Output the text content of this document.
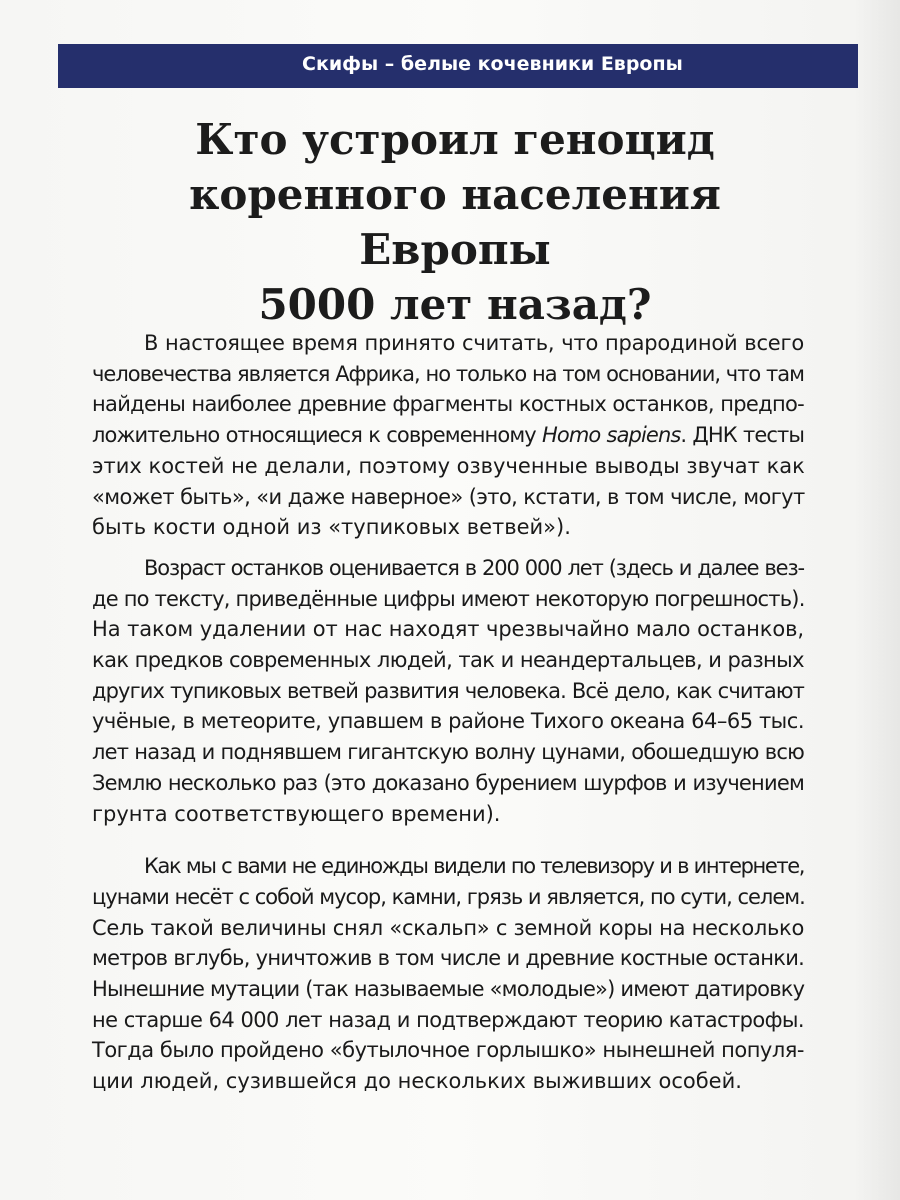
Скифы – белые кочевники Европы
Кто устроил геноцид
коренного населения Европы
5000 лет назад?

В настоящее время принято считать, что прародиной всего
человечества является Африка, но только на том основании, что там
найдены наиболее древние фрагменты костных останков, предпо-
ложительно относящиеся к современному Homo sapiens. ДНК тесты
этих костей не делали, поэтому озвученные выводы звучат как
«может быть», «и даже наверное» (это, кстати, в том числе, могут
быть кости одной из «тупиковых ветвей»).

Возраст останков оценивается в 200 000 лет (здесь и далее вез-
де по тексту, приведённые цифры имеют некоторую погрешность).
На таком удалении от нас находят чрезвычайно мало останков,
как предков современных людей, так и неандертальцев, и разных
других тупиковых ветвей развития человека. Всё дело, как считают
учёные, в метеорите, упавшем в районе Тихого океана 64–65 тыс.
лет назад и поднявшем гигантскую волну цунами, обошедшую всю
Землю несколько раз (это доказано бурением шурфов и изучением
грунта соответствующего времени).

Как мы с вами не единожды видели по телевизору и в интернете,
цунами несёт с собой мусор, камни, грязь и является, по сути, селем.
Сель такой величины снял «скальп» с земной коры на несколько
метров вглубь, уничтожив в том числе и древние костные останки.
Нынешние мутации (так называемые «молодые») имеют датировку
не старше 64 000 лет назад и подтверждают теорию катастрофы.
Тогда было пройдено «бутылочное горлышко» нынешней популя-
ции людей, сузившейся до нескольких выживших особей.
